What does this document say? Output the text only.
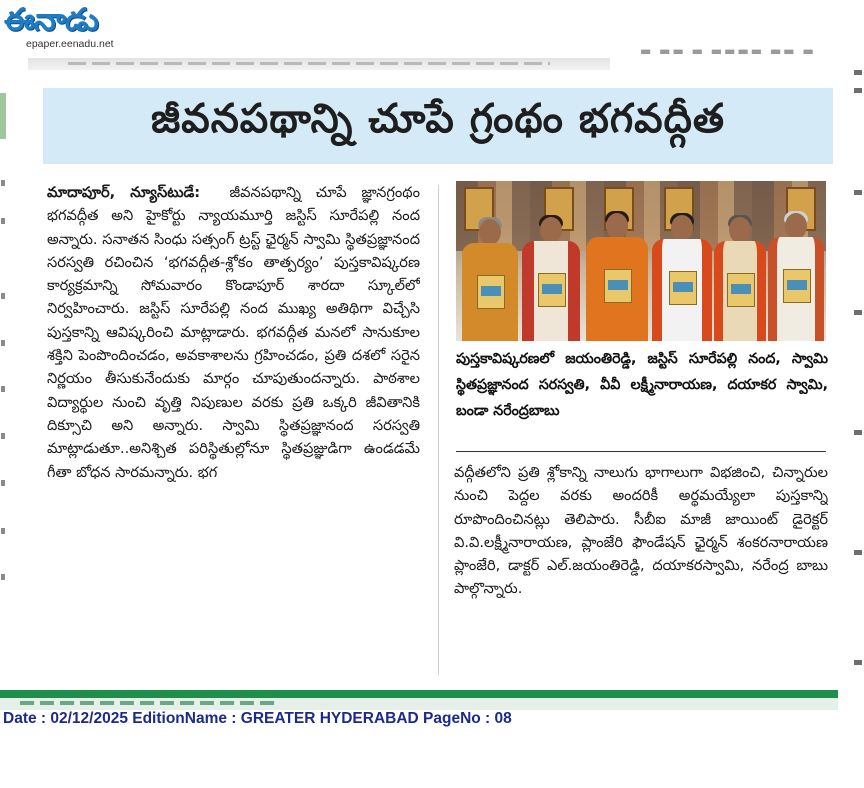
ఈనాడు
epaper.eenadu.net	▬ ▬▬ ▬ ▬▬▬▬ ▬▬ ▬
జీవనపథాన్ని చూపే గ్రంథం భగవద్గీత

మాదాపూర్‌, న్యూస్‌టుడే: జీవనపథాన్ని చూపే జ్ఞానగ్రంథం భగవద్గీత అని హైకోర్టు న్యాయమూర్తి జస్టిస్‌ సూరేపల్లి నంద అన్నారు. సనాతన సింధు సత్సంగ్‌ ట్రస్ట్‌ ఛైర్మన్‌ స్వామి స్థితప్రజ్ఞానంద సరస్వతి రచించిన ‘భగవద్గీత-శ్లోకం తాత్పర్యం’ పుస్తకావిష్కరణ కార్యక్రమాన్ని సోమవారం కొండాపూర్‌ శారదా స్కూల్‌లో నిర్వహించారు. జస్టిస్‌ సూరేపల్లి నంద ముఖ్య అతిథిగా విచ్చేసి పుస్తకాన్ని ఆవిష్కరించి మాట్లాడారు. భగవద్గీత మనలో సానుకూల శక్తిని పెంపొందించడం, అవకాశాలను గ్రహించడం, ప్రతి దశలో సరైన నిర్ణయం తీసుకునేందుకు మార్గం చూపుతుందన్నారు. పాఠశాల విద్యార్థుల నుంచి వృత్తి నిపుణుల వరకు ప్రతి ఒక్కరి జీవితానికి దిక్సూచి అని అన్నారు. స్వామి స్థితప్రజ్ఞానంద సరస్వతి మాట్లాడుతూ..అనిశ్చిత పరిస్థితుల్లోనూ స్థితప్రజ్ఞుడిగా ఉండడమే గీతా బోధన సారమన్నారు. భగ

పుస్తకావిష్కరణలో జయంతిరెడ్డి, జస్టిస్‌ సూరేపల్లి నంద, స్వామి స్థితప్రజ్ఞానంద సరస్వతి, వీవీ లక్ష్మీనారాయణ, దయాకర స్వామి, బండా నరేంద్రబాబు

వద్గీతలోని ప్రతి శ్లోకాన్ని నాలుగు భాగాలుగా విభజించి, చిన్నారుల నుంచి పెద్దల వరకు అందరికీ అర్థమయ్యేలా పుస్తకాన్ని రూపొందించినట్లు తెలిపారు. సీబీఐ మాజీ జాయింట్‌ డైరెక్టర్‌ వి.వి.లక్ష్మీనారాయణ, ప్లాంజేరి ఫౌండేషన్‌ ఛైర్మన్‌ శంకరనారాయణ ప్లాంజేరి, డాక్టర్‌ ఎల్‌.జయంతిరెడ్డి, దయాకరస్వామి, నరేంద్ర బాబు పాల్గొన్నారు.

Date : 02/12/2025 EditionName : GREATER HYDERABAD PageNo : 08
